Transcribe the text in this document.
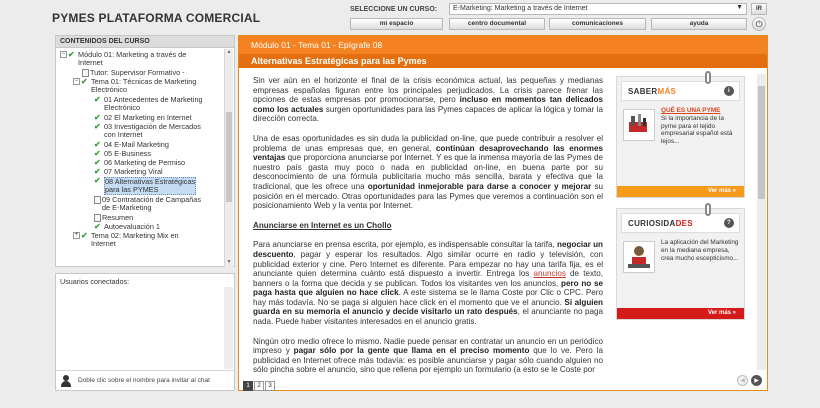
PYMES PLATAFORMA COMERCIAL
SELECCIONE UN CURSO:	E-Marketing: Marketing a través de Internet	▼	IR
mi espacio	centro documental	comunicaciones	ayuda	⏻
CONTENIDOS DEL CURSO
− ✔ Módulo 01: Marketing a través de
Internet
Tutor: Supervisor Formativo -
− ✔ Tema 01: Técnicas de Marketing
Electrónico
✔ 01 Antecedentes de Marketing
Electrónico
✔ 02 El Marketing en Internet
✔ 03 Investigación de Mercados
con Internet
✔ 04 E-Mail Marketing
✔ 05 E-Business
✔ 06 Marketing de Permiso
✔ 07 Marketing Viral
✔ 08 Alternativas Estratégicas
para las PYMES
09 Contratación de Campañas
de E-Marketing
Resumen
✔ Autoevaluación 1
+ ✔ Tema 02: Marketing Mix en
Internet
▲
▼
Usuarios conectados:
Doble clic sobre el nombre para invitar al chat
Módulo 01 - Tema 01 - Epígrafe 08
Alternativas Estratégicas para las Pymes

Sin ver aún en el horizonte el final de la crisis económica actual, las pequeñas y medianas empresas españolas figuran entre los principales perjudicados. La crisis parece frenar las opciones de estas empresas por promocionarse, pero incluso en momentos tan delicados como los actuales surgen oportunidades para las Pymes capaces de aplicar la lógica y tomar la dirección correcta.

Una de esas oportunidades es sin duda la publicidad on-line, que puede contribuir a resolver el problema de unas empresas que, en general, continúan desaprovechando las enormes ventajas que proporciona anunciarse por Internet. Y es que la inmensa mayoría de las Pymes de nuestro país gasta muy poco o nada en publicidad on-line, en buena parte por su desconocimiento de una fórmula publicitaria mucho más sencilla, barata y efectiva que la tradicional, que les ofrece una oportunidad inmejorable para darse a conocer y mejorar su posición en el mercado. Otras oportunidades para las Pymes que veremos a continuación son el posicionamiento Web y la venta por Internet.

Anunciarse en Internet es un Chollo

Para anunciarse en prensa escrita, por ejemplo, es indispensable consultar la tarifa, negociar un descuento, pagar y esperar los resultados. Algo similar ocurre en radio y televisión, con publicidad exterior y cine. Pero Internet es diferente. Para empezar no hay una tarifa fija, es el anunciante quien determina cuánto está dispuesto a invertir. Entrega los anuncios de texto, banners o la forma que decida y se publican. Todos los visitantes ven los anuncios, pero no se paga hasta que alguien no hace click. A este sistema se le llama Coste por Clic o CPC. Pero hay más todavía. No se paga si alguien hace click en el momento que ve el anuncio. Sí alguien guarda en su memoria el anuncio y decide visitarlo un rato después, el anunciante no paga nada. Puede haber visitantes interesados en el anuncio gratis.

Ningún otro medio ofrece lo mismo. Nadie puede pensar en contratar un anuncio en un periódico impreso y pagar sólo por la gente que llama en el preciso momento que lo ve. Pero la publicidad en Internet ofrece más todavía: es posible anunciarse y pagar sólo cuando alguien no sólo pincha sobre el anuncio, sino que rellena por ejemplo un formulario (a esto se le Coste por

SABERMÁS	i
QUÉ ES UNA PYME
Si la importancia de la pyme para el tejido empresarial español está lejos...
Ver más »
CURIOSIDADES	?
La aplicación del Marketing en la mediana empresa, crea mucho escepticismo...
Ver más »
1 2 3
◀	▶
